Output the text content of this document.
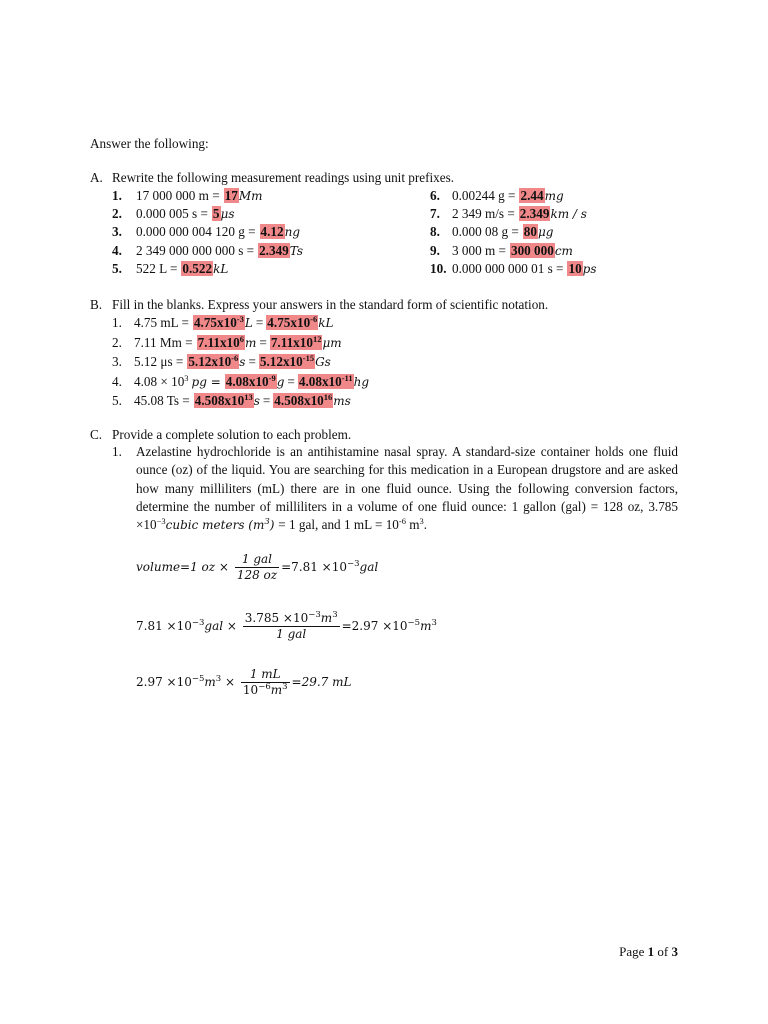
Answer the following:
A. Rewrite the following measurement readings using unit prefixes.
1. 17 000 000 m = 17Mm
2. 0.000 005 s = 5μs
3. 0.000 000 004 120 g = 4.12ng
4. 2 349 000 000 000 s = 2.349Ts
5. 522 L = 0.522kL
6. 0.00244 g = 2.44mg
7. 2 349 m/s = 2.349km / s
8. 0.000 08 g = 80μg
9. 3 000 m = 300 000cm
10. 0.000 000 000 01 s = 10ps
B. Fill in the blanks. Express your answers in the standard form of scientific notation.
1. 4.75 mL = $4.75x10^{-3}L = 4.75x10^{-6}kL$
2. 7.11 $Mm = 7.11x10^6m = 7.11x10^{12}\mu m$
3. 5.12 $\mu s = 5.12x10^{-6}s = 5.12x10^{-15}Gs$
4. $4.08 \times 10^3$ pg = $4.08x10^{-9}g = 4.08x10^{-11}hg$
5. 45.08 $Ts = 4.508x10^{13}s = 4.508x10^{16}ms$
C. Provide a complete solution to each problem.
1. Azelastine hydrochloride is an antihistamine nasal spray. A standard-size container holds one fluid ounce (oz) of the liquid. You are searching for this medication in a European drugstore and are asked how many milliliters (mL) there are in one fluid ounce. Using the following conversion factors, determine the number of milliliters in a volume of one fluid ounce: 1 gallon (gal) = 128 oz, $3.785 \times 10^{-3}cubic$ meters $(m^3) = 1$ gal, and 1 mL = $10^{-6}$ $m^3$.
volume=1 oz × $\frac{\text{1 gal}}{128 oz} =7.81 \times 10^{-3}gal$
$7.81 \times 10^{-3}gal \times \frac{3.785 \times 10^{-3}m^3}{\text{1 gal}} =2.97 \times 10^{-5}m^3$
$2.97 \times 10^{-5}m^3 \times \frac{1 mL}{10^{-6}m^3} =29.7$ mL
Page 1 of 3
